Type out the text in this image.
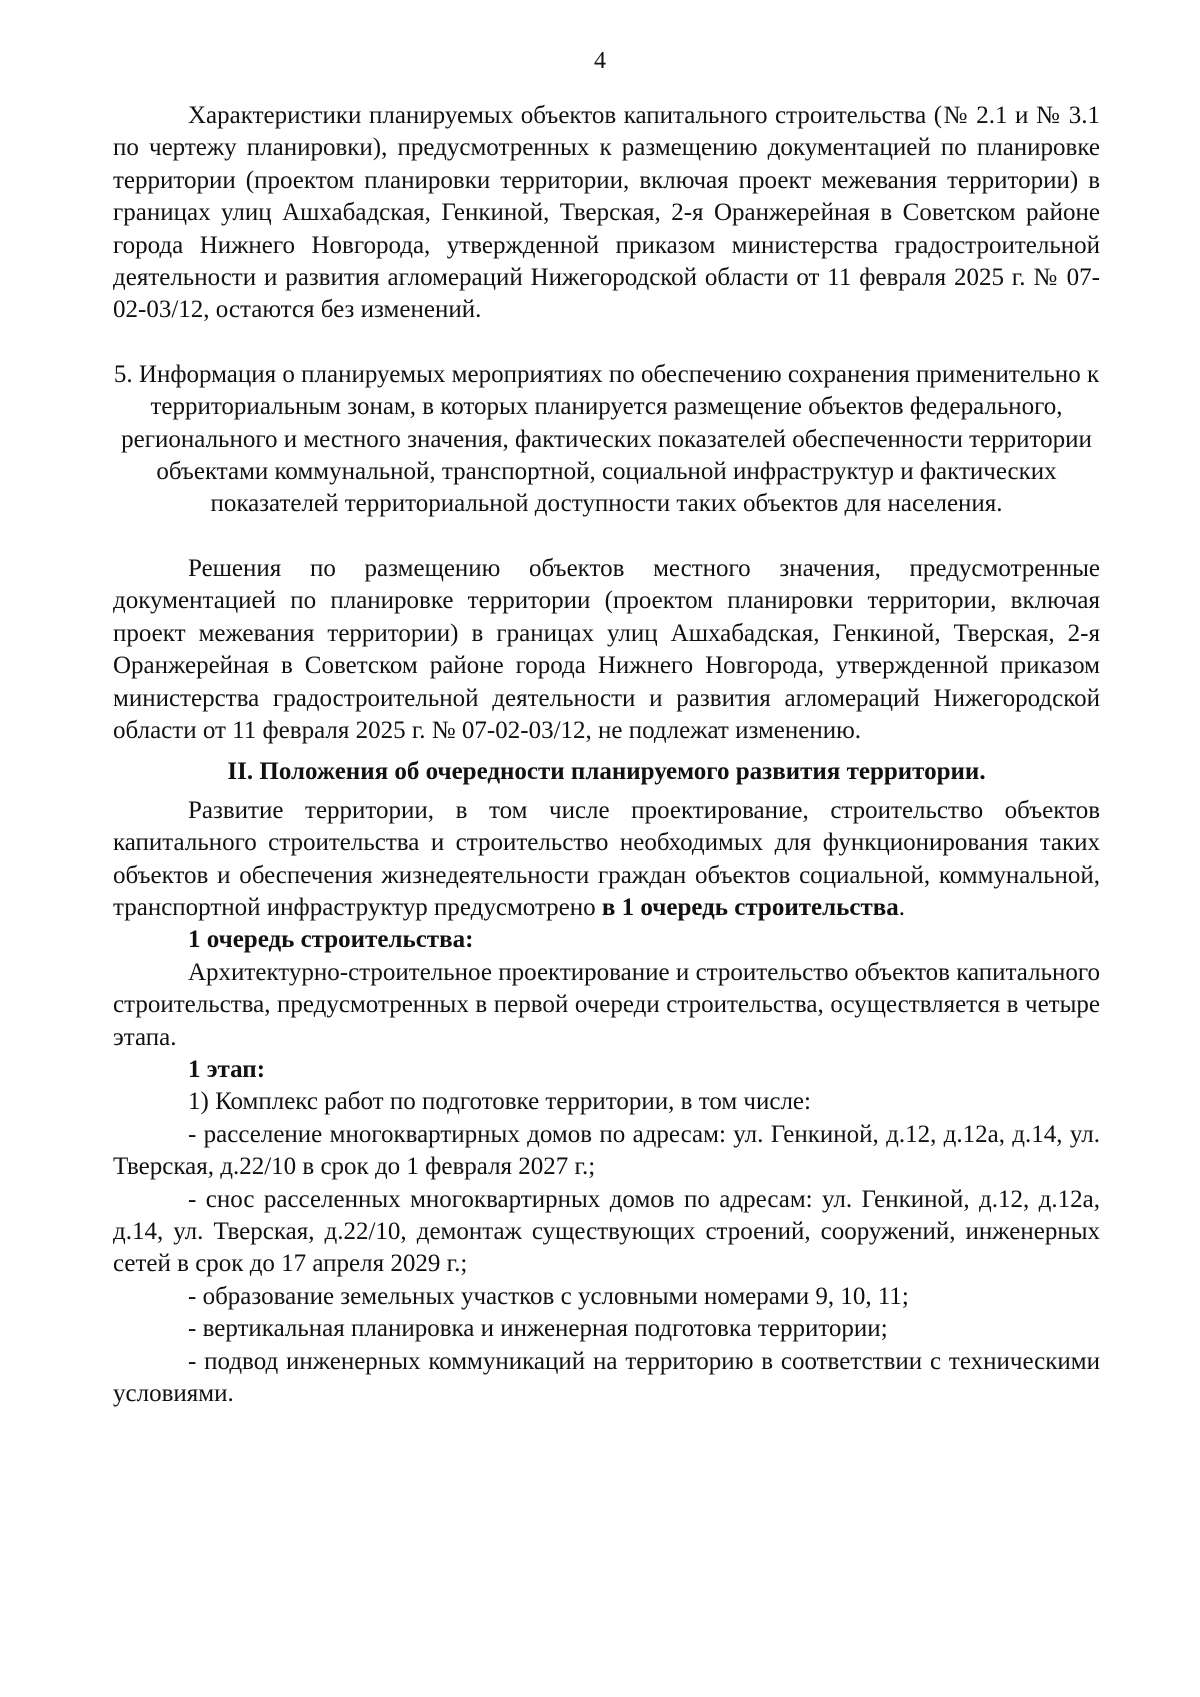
4

Характеристики планируемых объектов капитального строительства (№ 2.1 и № 3.1 по чертежу планировки), предусмотренных к размещению документацией по планировке территории (проектом планировки территории, включая проект межевания территории) в границах улиц Ашхабадская, Генкиной, Тверская, 2-я Оранжерейная в Советском районе города Нижнего Новгорода, утвержденной приказом министерства градостроительной деятельности и развития агломераций Нижегородской области от 11 февраля 2025 г. № 07-02-03/12, остаются без изменений.

5. Информация о планируемых мероприятиях по обеспечению сохранения применительно к территориальным зонам, в которых планируется размещение объектов федерального, регионального и местного значения, фактических показателей обеспеченности территории объектами коммунальной, транспортной, социальной инфраструктур и фактических показателей территориальной доступности таких объектов для населения.

Решения по размещению объектов местного значения, предусмотренные документацией по планировке территории (проектом планировки территории, включая проект межевания территории) в границах улиц Ашхабадская, Генкиной, Тверская, 2-я Оранжерейная в Советском районе города Нижнего Новгорода, утвержденной приказом министерства градостроительной деятельности и развития агломераций Нижегородской области от 11 февраля 2025 г. № 07-02-03/12, не подлежат изменению.

II. Положения об очередности планируемого развития территории.

Развитие территории, в том числе проектирование, строительство объектов капитального строительства и строительство необходимых для функционирования таких объектов и обеспечения жизнедеятельности граждан объектов социальной, коммунальной, транспортной инфраструктур предусмотрено в 1 очередь строительства.

1 очередь строительства:

Архитектурно-строительное проектирование и строительство объектов капитального строительства, предусмотренных в первой очереди строительства, осуществляется в четыре этапа.

1 этап:

1) Комплекс работ по подготовке территории, в том числе:

- расселение многоквартирных домов по адресам: ул. Генкиной, д.12, д.12а, д.14, ул. Тверская, д.22/10 в срок до 1 февраля 2027 г.;

- снос расселенных многоквартирных домов по адресам: ул. Генкиной, д.12, д.12а, д.14, ул. Тверская, д.22/10, демонтаж существующих строений, сооружений, инженерных сетей в срок до 17 апреля 2029 г.;

- образование земельных участков с условными номерами 9, 10, 11;

- вертикальная планировка и инженерная подготовка территории;

- подвод инженерных коммуникаций на территорию в соответствии с техническими условиями.
